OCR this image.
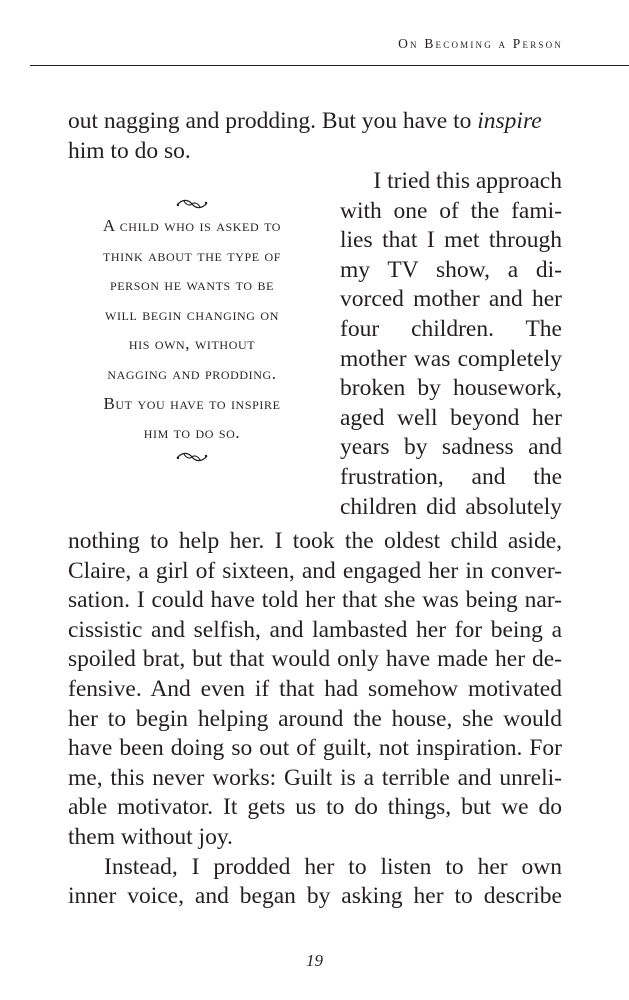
On Becoming a Person
out nagging and prodding. But you have to inspire
him to do so.
A child who is asked to
think about the type of
person he wants to be
will begin changing on
his own, without
nagging and prodding.
But you have to inspire
him to do so.
I tried this approach
with one of the fami-
lies that I met through
my TV show, a di-
vorced mother and her
four children. The
mother was completely
broken by housework,
aged well beyond her
years by sadness and
frustration, and the
children did absolutely
nothing to help her. I took the oldest child aside,
Claire, a girl of sixteen, and engaged her in conver-
sation. I could have told her that she was being nar-
cissistic and selfish, and lambasted her for being a
spoiled brat, but that would only have made her de-
fensive. And even if that had somehow motivated
her to begin helping around the house, she would
have been doing so out of guilt, not inspiration. For
me, this never works: Guilt is a terrible and unreli-
able motivator. It gets us to do things, but we do
them without joy.
Instead, I prodded her to listen to her own
inner voice, and began by asking her to describe
19
